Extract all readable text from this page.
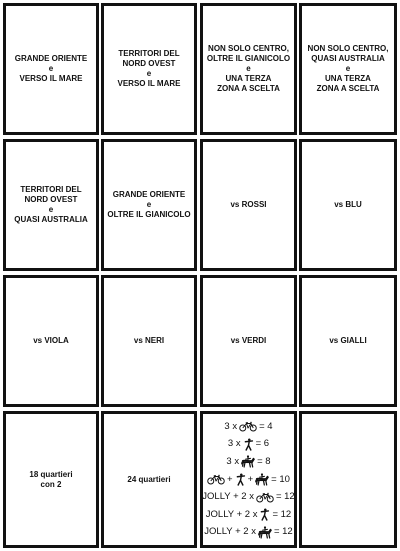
GRANDE ORIENTE
e
VERSO IL MARE
TERRITORI DEL
NORD OVEST
e
VERSO IL MARE
NON SOLO CENTRO,
OLTRE IL GIANICOLO
e
UNA TERZA
ZONA A SCELTA
NON SOLO CENTRO,
QUASI AUSTRALIA
e
UNA TERZA
ZONA A SCELTA
TERRITORI DEL
NORD OVEST
e
QUASI AUSTRALIA
GRANDE ORIENTE
e
OLTRE IL GIANICOLO
vs ROSSI	vs BLU
vs VIOLA	vs NERI	vs VERDI	vs GIALLI
18 quartieri
con 2
24 quartieri
3 x = 4
3 x = 6
3 x = 8
+ + = 10
JOLLY + 2 x = 12
JOLLY + 2 x = 12
JOLLY + 2 x = 12
